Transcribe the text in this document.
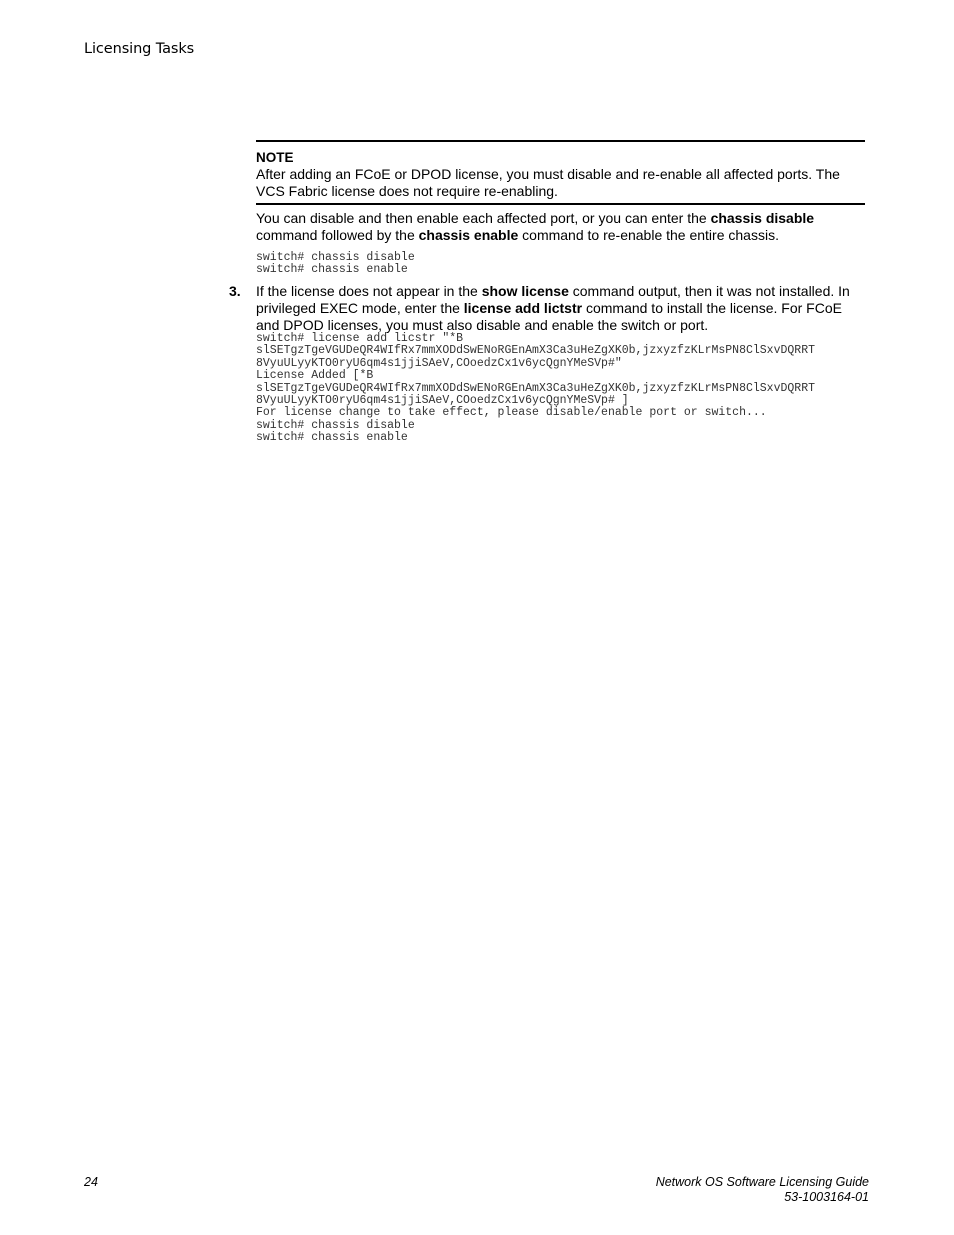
Licensing Tasks
NOTE
After adding an FCoE or DPOD license, you must disable and re-enable all affected ports. The VCS Fabric license does not require re-enabling.
You can disable and then enable each affected port, or you can enter the chassis disable command followed by the chassis enable command to re-enable the entire chassis.
switch# chassis disable
switch# chassis enable
3. If the license does not appear in the show license command output, then it was not installed. In privileged EXEC mode, enter the license add lictstr command to install the license. For FCoE and DPOD licenses, you must also disable and enable the switch or port.
switch# license add licstr "*B
slSETgzTgeVGUDeQR4WIfRx7mmXODdSwENoRGEnAmX3Ca3uHeZgXK0b,jzxyzfzKLrMsPN8ClSxvDQRRT
8VyuULyyKTO0ryU6qm4s1jjiSAeV,COoedzCx1v6ycQgnYMeSVp#"
License Added [*B
slSETgzTgeVGUDeQR4WIfRx7mmXODdSwENoRGEnAmX3Ca3uHeZgXK0b,jzxyzfzKLrMsPN8ClSxvDQRRT
8VyuULyyKTO0ryU6qm4s1jjiSAeV,COoedzCx1v6ycQgnYMeSVp# ]
For license change to take effect, please disable/enable port or switch...
switch# chassis disable
switch# chassis enable
24	Network OS Software Licensing Guide
53-1003164-01
